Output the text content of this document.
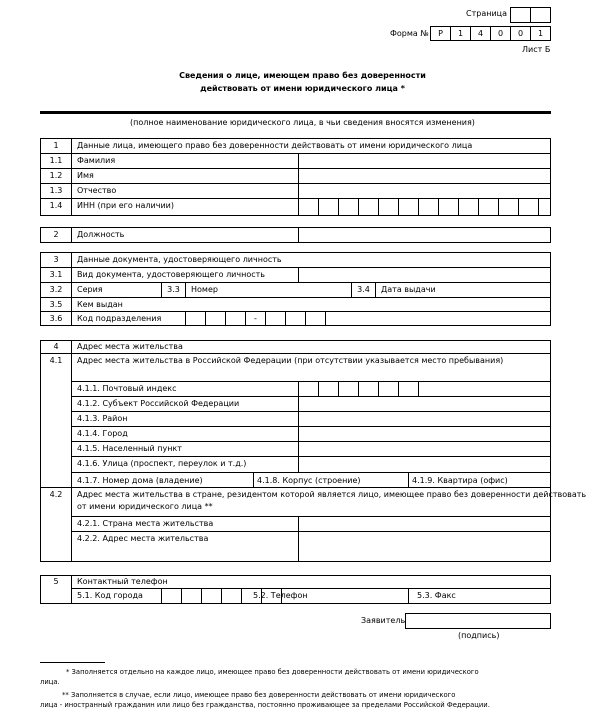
Страница
Форма №	Р	1	4	0	0	1
Лист Б
Сведения о лице, имеющем право без доверенности
действовать от имени юридического лица *
(полное наименование юридического лица, в чьи сведения вносятся изменения)
1	Данные лица, имеющего право без доверенности действовать от имени юридического лица
1.1	Фамилия
1.2	Имя
1.3	Отчество
1.4	ИНН (при его наличии)
2	Должность
3	Данные документа, удостоверяющего личность
3.1	Вид документа, удостоверяющего личность
3.2	Серия	3.3	Номер	3.4	Дата выдачи
3.5	Кем выдан
3.6	Код подразделения	-
4	Адрес места жительства
4.1	Адрес места жительства в Российской Федерации (при отсутствии указывается место пребывания)
4.1.1. Почтовый индекс
4.1.2. Субъект Российской Федерации
4.1.3. Район
4.1.4. Город
4.1.5. Населенный пункт
4.1.6. Улица (проспект, переулок и т.д.)
4.1.7. Номер дома (владение)	4.1.8. Корпус (строение)	4.1.9. Квартира (офис)
4.2	Адрес места жительства в стране, резидентом которой является лицо, имеющее право без доверенности действовать
от имени юридического лица **
4.2.1. Страна места жительства
4.2.2. Адрес места жительства
5	Контактный телефон
5.1. Код города	5.2. Телефон	5.3. Факс
Заявитель
(подпись)
* Заполняется отдельно на каждое лицо, имеющее право без доверенности действовать от имени юридического
лица.
** Заполняется в случае, если лицо, имеющее право без доверенности действовать от имени юридического
лица - иностранный гражданин или лицо без гражданства, постоянно проживающее за пределами Российской Федерации.
